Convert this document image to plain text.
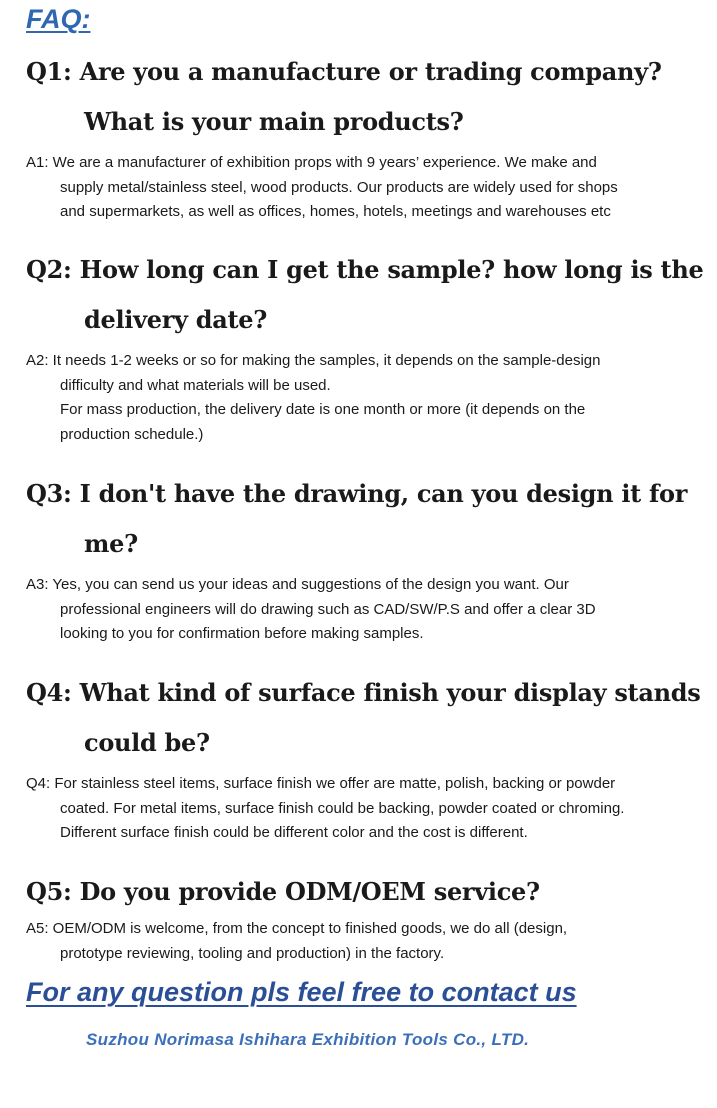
FAQ:
Q1: Are you a manufacture or trading company? What is your main products?

A1: We are a manufacturer of exhibition props with 9 years’ experience. We make and
supply metal/stainless steel, wood products. Our products are widely used for shops
and supermarkets, as well as offices, homes, hotels, meetings and warehouses etc

Q2: How long can I get the sample? how long is the delivery date?

A2: It needs 1-2 weeks or so for making the samples, it depends on the sample-design
difficulty and what materials will be used.
For mass production, the delivery date is one month or more (it depends on the
production schedule.)

Q3: I don't have the drawing, can you design it for me?

A3: Yes, you can send us your ideas and suggestions of the design you want. Our
professional engineers will do drawing such as CAD/SW/P.S and offer a clear 3D
looking to you for confirmation before making samples.

Q4: What kind of surface finish your display stands could be?

Q4: For stainless steel items, surface finish we offer are matte, polish, backing or powder
coated. For metal items, surface finish could be backing, powder coated or chroming.
Different surface finish could be different color and the cost is different.

Q5: Do you provide ODM/OEM service?

A5: OEM/ODM is welcome, from the concept to finished goods, we do all (design,
prototype reviewing, tooling and production) in the factory.

For any question pls feel free to contact us

Suzhou Norimasa Ishihara Exhibition Tools Co., LTD.
